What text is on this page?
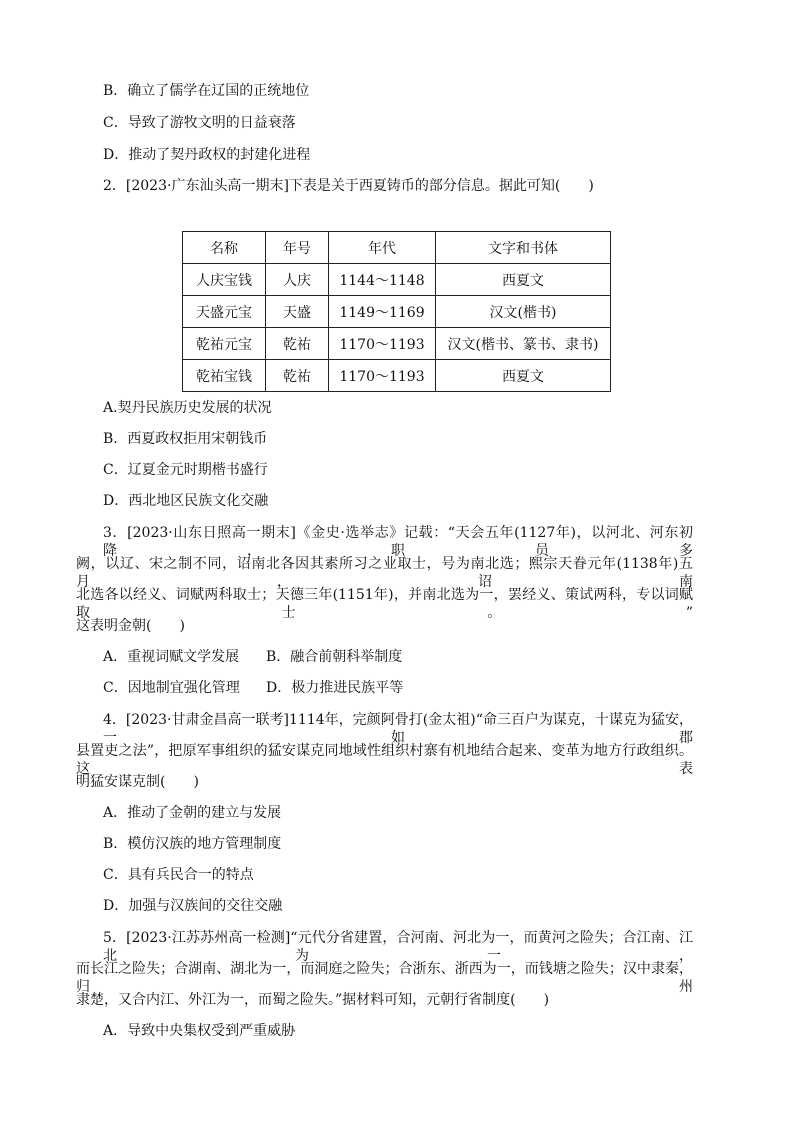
B．确立了儒学在辽国的正统地位
C．导致了游牧文明的日益衰落
D．推动了契丹政权的封建化进程
2．[2023·广东汕头高一期末]下表是关于西夏铸币的部分信息。据此可知(　　)
名称	年号	年代	文字和书体
人庆宝钱	人庆	1144～1148	西夏文
天盛元宝	天盛	1149～1169	汉文(楷书)
乾祐元宝	乾祐	1170～1193	汉文(楷书、篆书、隶书)
乾祐宝钱	乾祐	1170～1193	西夏文
A.契丹民族历史发展的状况
B．西夏政权拒用宋朝钱币
C．辽夏金元时期楷书盛行
D．西北地区民族文化交融
3．[2023·山东日照高一期末]《金史·选举志》记载：“天会五年(1127年)，以河北、河东初降，职员多
阙，以辽、宋之制不同，诏南北各因其素所习之业取士，号为南北选；熙宗天眷元年(1138年)五月，诏南
北选各以经义、词赋两科取士；天德三年(1151年)，并南北选为一，罢经义、策试两科，专以词赋取士。”
这表明金朝(　　)
A．重视词赋文学发展 B．融合前朝科举制度
C．因地制宜强化管理 D．极力推进民族平等
4．[2023·甘肃金昌高一联考]1114年，完颜阿骨打(金太祖)“命三百户为谋克，十谋克为猛安，一如郡
县置吏之法”，把原军事组织的猛安谋克同地域性组织村寨有机地结合起来、变革为地方行政组织。这表
明猛安谋克制(　　)
A．推动了金朝的建立与发展
B．模仿汉族的地方管理制度
C．具有兵民合一的特点
D．加强与汉族间的交往交融
5．[2023·江苏苏州高一检测]“元代分省建置，合河南、河北为一，而黄河之险失；合江南、江北为一，
而长江之险失；合湖南、湖北为一，而洞庭之险失；合浙东、浙西为一，而钱塘之险失；汉中隶秦，归州
隶楚，又合内江、外江为一，而蜀之险失。”据材料可知，元朝行省制度(　　)
A．导致中央集权受到严重威胁
